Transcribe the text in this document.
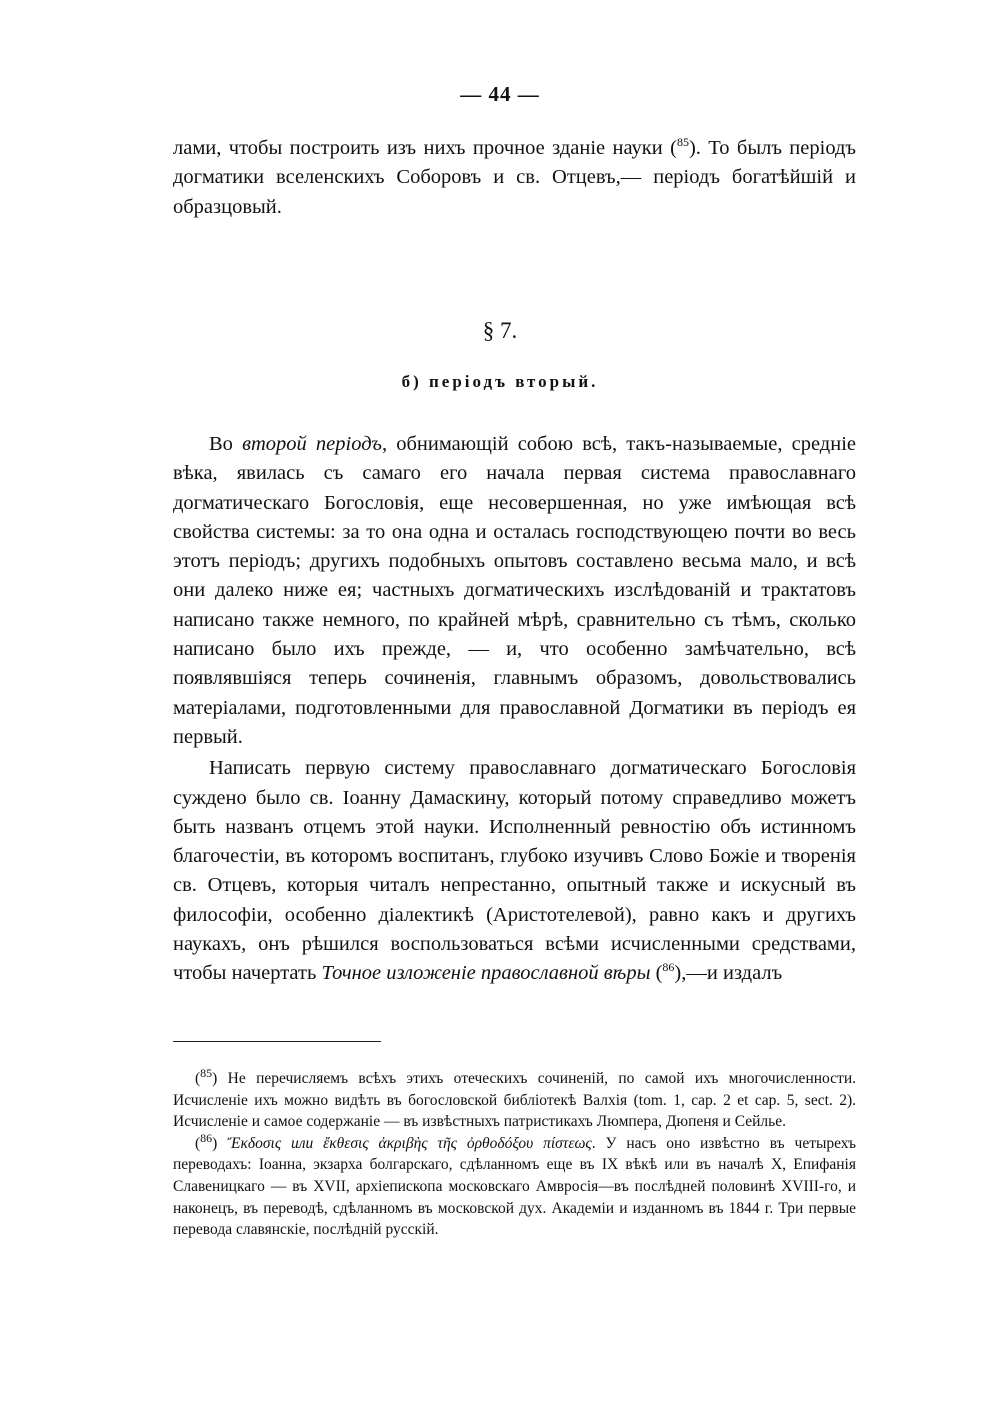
— 44 —

лами, чтобы построить изъ нихъ прочное зданіе науки ($^{85}$). То былъ періодъ догматики вселенскихъ Соборовъ и св. Отцевъ,— періодъ богатѣйшій и образцовый.

§ 7.
б) періодъ вторый.

Во второй періодъ, обнимающій собою всѣ, такъ-называемые, средніе вѣка, явилась съ самаго его начала первая система православнаго догматическаго Богословія, еще несовершенная, но уже имѣющая всѣ свойства системы: за то она одна и осталась господствующею почти во весь этотъ періодъ; другихъ подобныхъ опытовъ составлено весьма мало, и всѣ они далеко ниже ея; частныхъ догматическихъ изслѣдованій и трактатовъ написано также немного, по крайней мѣрѣ, сравнительно съ тѣмъ, сколько написано было ихъ прежде, — и, что особенно замѣчательно, всѣ появлявшіяся теперь сочиненія, главнымъ образомъ, довольствовались матеріалами, подготовленными для православной Догматики въ періодъ ея первый.

Написать первую систему православнаго догматическаго Богословія суждено было св. Іоанну Дамаскину, который потому справедливо можетъ быть названъ отцемъ этой науки. Исполненный ревностію объ истинномъ благочестіи, въ которомъ воспитанъ, глубоко изучивъ Слово Божіе и творенія св. Отцевъ, которыя читалъ непрестанно, опытный также и искусный въ философіи, особенно діалектикѣ (Аристотелевой), равно какъ и другихъ наукахъ, онъ рѣшился воспользоваться всѣми исчисленными средствами, чтобы начертать Точное изложеніе православной вѣры ($^{86}$),—и издалъ

($^{85}$) Не перечисляемъ всѣхъ этихъ отеческихъ сочиненій, по самой ихъ многочисленности. Исчисленіе ихъ можно видѣть въ богословской библіотекѣ Валхія (tom. 1, cap. 2 et cap. 5, sect. 2). Исчисленіе и самое содержаніе — въ извѣстныхъ патристикахъ Люмпера, Дюпеня и Сейлье.

($^{86}$) Ἔκδοσις или ἔκθεσις ἀκριβὴς τῆς ὀρθοδόξου πίστεως. У насъ оно извѣстно въ четырехъ переводахъ: Іоанна, экзарха болгарскаго, сдѣланномъ еще въ IX вѣкѣ или въ началѣ X, Епифанія Славеницкаго — въ XVII, архіепископа московскаго Амвросія—въ послѣдней половинѣ XVIII-го, и наконецъ, въ переводѣ, сдѣланномъ въ московской дух. Академіи и изданномъ въ 1844 г. Три первые перевода славянскіе, послѣдній русскій.
